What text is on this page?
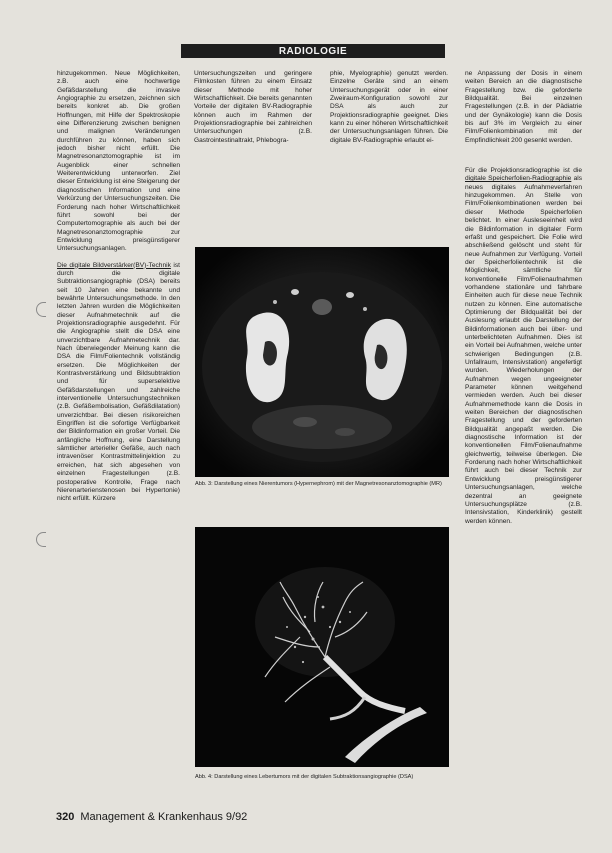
RADIOLOGIE

hinzugekommen. Neue Möglichkeiten, z.B. auch eine hochwertige Gefäßdarstellung die invasive Angiographie zu ersetzen, zeichnen sich bereits konkret ab. Die großen Hoffnungen, mit Hilfe der Spektroskopie eine Differenzierung zwischen benignen und malignen Veränderungen durchführen zu können, haben sich jedoch bisher nicht erfüllt. Die Magnetresonanztomographie ist im Augenblick einer schnellen Weiterentwicklung unterworfen. Ziel dieser Entwicklung ist eine Steigerung der diagnostischen Information und eine Verkürzung der Untersuchungszeiten. Die Forderung nach hoher Wirtschaftlichkeit führt sowohl bei der Computertomographie als auch bei der Magnetresonanztomographie zur Entwicklung preisgünstigerer Untersuchungsanlagen.

Die digitale Bildverstärker(BV)-Technik ist durch die digitale Subtraktionsangiographie (DSA) bereits seit 10 Jahren eine bekannte und bewährte Untersuchungsmethode. In den letzten Jahren wurden die Möglichkeiten dieser Aufnahmetechnik auf die Projektionsradiographie ausgedehnt. Für die Angiographie stellt die DSA eine unverzichtbare Aufnahmetechnik dar. Nach überwiegender Meinung kann die DSA die Film/Folientechnik vollständig ersetzen. Die Möglichkeiten der Kontrastverstärkung und Bildsubtraktion und für superselektive Gefäßdarstellungen und zahlreiche interventionelle Untersuchungstechniken (z.B. Gefäßembolisation, Gefäßdilatation) unverzichtbar. Bei diesen risikoreichen Eingriffen ist die sofortige Verfügbarkeit der Bildinformation ein großer Vorteil. Die anfängliche Hoffnung, eine Darstellung sämtlicher arterieller Gefäße, auch nach intravenöser Kontrastmittelinjektion zu erreichen, hat sich abgesehen von einzelnen Fragestellungen (z.B. postoperative Kontrolle, Frage nach Nierenarterienstenosen bei Hypertonie) nicht erfüllt. Kürzere

Untersuchungszeiten und geringere Filmkosten führen zu einem Einsatz dieser Methode mit hoher Wirtschaftlichkeit. Die bereits genannten Vorteile der digitalen BV-Radiographie können auch im Rahmen der Projektionsradiographie bei zahlreichen Untersuchungen (z.B. Gastrointestinaltrakt, Phlebogra-

phie, Myelographie) genutzt werden. Einzelne Geräte sind an einem Untersuchungsgerät oder in einer Zweiraum-Konfiguration sowohl zur DSA als auch zur Projektionsradiographie geeignet. Dies kann zu einer höheren Wirtschaftlichkeit der Untersuchungsanlagen führen. Die digitale BV-Radiographie erlaubt ei-

ne Anpassung der Dosis in einem weiten Bereich an die diagnostische Fragestellung bzw. die geforderte Bildqualität. Bei einzelnen Fragestellungen (z.B. in der Pädiatrie und der Gynäkologie) kann die Dosis bis auf 3% im Vergleich zu einer Film/Folienkombination mit der Empfindlichkeit 200 gesenkt werden.

Für die Projektionsradiographie ist die digitale Speicherfolien-Radiographie als neues digitales Aufnahmeverfahren hinzugekommen. An Stelle von Film/Folienkombinationen werden bei dieser Methode Speicherfolien belichtet. In einer Ausleseeinheit wird die Bildinformation in digitaler Form erfaßt und gespeichert. Die Folie wird abschließend gelöscht und steht für neue Aufnahmen zur Verfügung. Vorteil der Speicherfolientechnik ist die Möglichkeit, sämtliche für konventionelle Film/Folienaufnahmen vorhandene stationäre und fahrbare Einheiten auch für diese neue Technik nutzen zu können. Eine automatische Optimierung der Bildqualität bei der Auslesung erlaubt die Darstellung der Bildinformationen auch bei über- und unterbelichteten Aufnahmen. Dies ist ein Vorteil bei Aufnahmen, welche unter schwierigen Bedingungen (z.B. Unfallraum, Intensivstation) angefertigt wurden. Wiederholungen der Aufnahmen wegen ungeeigneter Parameter können weitgehend vermieden werden. Auch bei dieser Aufnahmemethode kann die Dosis in weiten Bereichen der diagnostischen Fragestellung und der geforderten Bildqualität angepaßt werden. Die diagnostische Information ist der konventionellen Film/Folienaufnahme gleichwertig, teilweise überlegen. Die Forderung nach hoher Wirtschaftlichkeit führt auch bei dieser Technik zur Entwicklung preisgünstigerer Untersuchungsanlagen, welche dezentral an geeignete Untersuchungsplätze (z.B. Intensivstation, Kinderklinik) gestellt werden können.

Abb. 3: Darstellung eines Nierentumors (Hypernephrom) mit der Magnetresonanztomographie (MR)
Abb. 4: Darstellung eines Lebertumors mit der digitalen Subtraktionsangiographie (DSA)
320 Management & Krankenhaus 9/92
